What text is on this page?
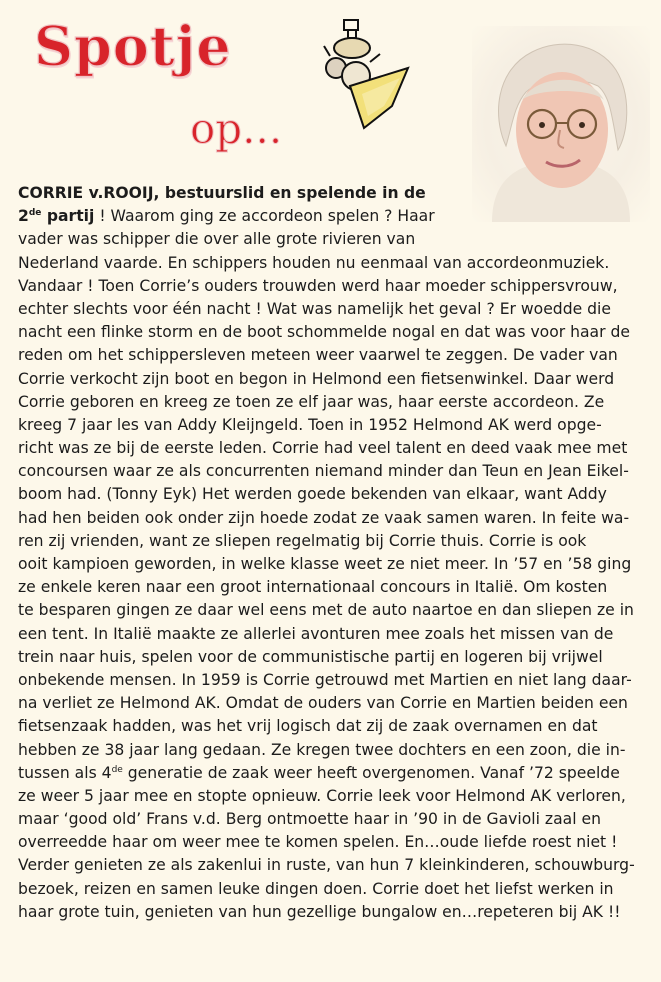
Spotje
op...
CORRIE v.ROOIJ, bestuurslid en spelende in de
2de partij ! Waarom ging ze accordeon spelen ? Haar
vader was schipper die over alle grote rivieren van
Nederland vaarde. En schippers houden nu eenmaal van accordeonmuziek.
Vandaar ! Toen Corrie’s ouders trouwden werd haar moeder schippersvrouw,
echter slechts voor één nacht ! Wat was namelijk het geval ? Er woedde die
nacht een flinke storm en de boot schommelde nogal en dat was voor haar de
reden om het schippersleven meteen weer vaarwel te zeggen. De vader van
Corrie verkocht zijn boot en begon in Helmond een fietsenwinkel. Daar werd
Corrie geboren en kreeg ze toen ze elf jaar was, haar eerste accordeon. Ze
kreeg 7 jaar les van Addy Kleijngeld. Toen in 1952 Helmond AK werd opge-
richt was ze bij de eerste leden. Corrie had veel talent en deed vaak mee met
concoursen waar ze als concurrenten niemand minder dan Teun en Jean Eikel-
boom had. (Tonny Eyk) Het werden goede bekenden van elkaar, want Addy
had hen beiden ook onder zijn hoede zodat ze vaak samen waren. In feite wa-
ren zij vrienden, want ze sliepen regelmatig bij Corrie thuis. Corrie is ook
ooit kampioen geworden, in welke klasse weet ze niet meer. In ’57 en ’58 ging
ze enkele keren naar een groot internationaal concours in Italië. Om kosten
te besparen gingen ze daar wel eens met de auto naartoe en dan sliepen ze in
een tent. In Italië maakte ze allerlei avonturen mee zoals het missen van de
trein naar huis, spelen voor de communistische partij en logeren bij vrijwel
onbekende mensen. In 1959 is Corrie getrouwd met Martien en niet lang daar-
na verliet ze Helmond AK. Omdat de ouders van Corrie en Martien beiden een
fietsenzaak hadden, was het vrij logisch dat zij de zaak overnamen en dat
hebben ze 38 jaar lang gedaan. Ze kregen twee dochters en een zoon, die in-
tussen als 4de generatie de zaak weer heeft overgenomen. Vanaf ’72 speelde
ze weer 5 jaar mee en stopte opnieuw. Corrie leek voor Helmond AK verloren,
maar ‘good old’ Frans v.d. Berg ontmoette haar in ’90 in de Gavioli zaal en
overreedde haar om weer mee te komen spelen. En…oude liefde roest niet !
Verder genieten ze als zakenlui in ruste, van hun 7 kleinkinderen, schouwburg-
bezoek, reizen en samen leuke dingen doen. Corrie doet het liefst werken in
haar grote tuin, genieten van hun gezellige bungalow en…repeteren bij AK !!
